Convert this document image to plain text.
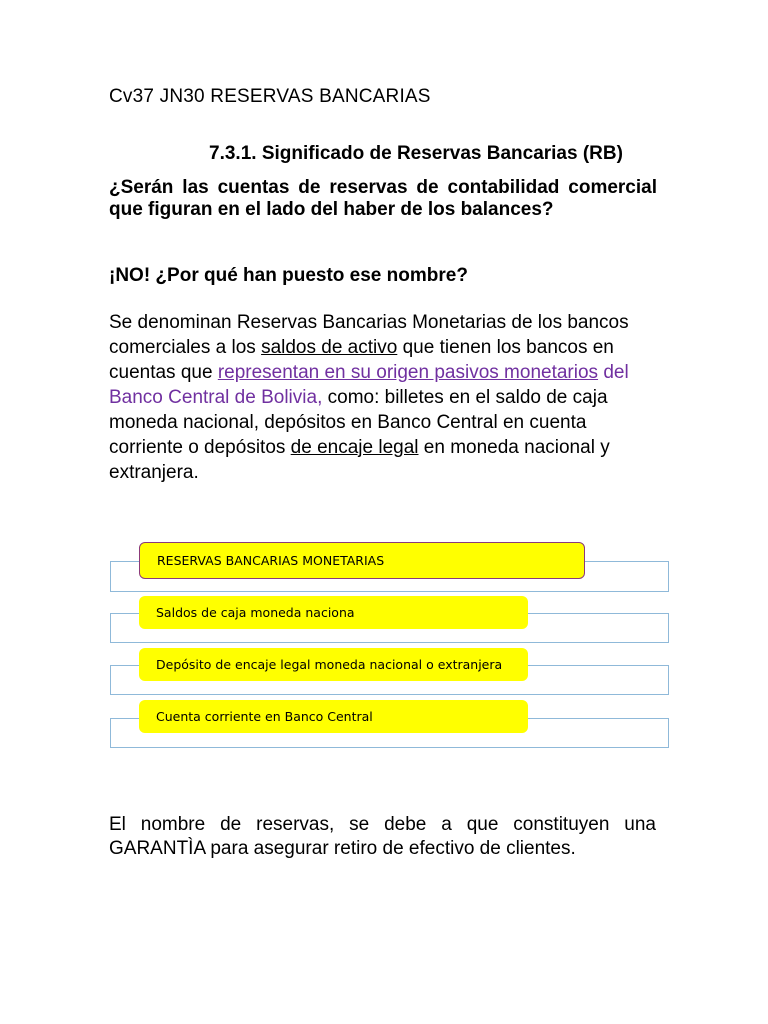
Cv37 JN30 RESERVAS BANCARIAS
7.3.1. Significado de Reservas Bancarias (RB)
¿Serán las cuentas de reservas de contabilidad comercial que figuran en el lado del haber de los balances?
¡NO! ¿Por qué han puesto ese nombre?
Se denominan Reservas Bancarias Monetarias de los bancos comerciales a los saldos de activo que tienen los bancos en cuentas que representan en su origen pasivos monetarios del Banco Central de Bolivia, como: billetes en el saldo de caja moneda nacional, depósitos en Banco Central en cuenta corriente o depósitos de encaje legal en moneda nacional y extranjera.
RESERVAS BANCARIAS MONETARIAS
Saldos de caja moneda naciona
Depósito de encaje legal moneda nacional o extranjera
Cuenta corriente en Banco Central
El nombre de reservas, se debe a que constituyen una GARANTÌA para asegurar retiro de efectivo de clientes.
